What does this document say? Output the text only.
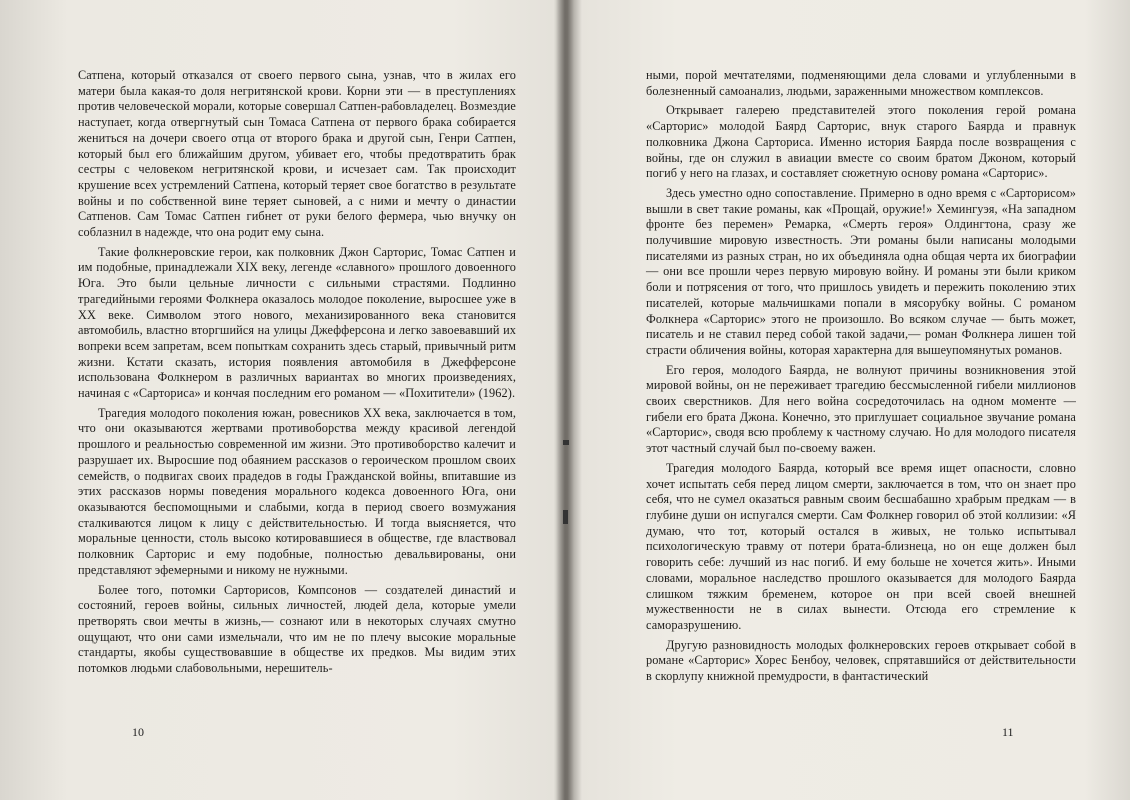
Сатпена, который отказался от своего первого сына, узнав, что в жилах его матери была какая-то доля негритянской крови. Корни эти — в преступлениях против человеческой морали, которые совершал Сатпен-рабовладелец. Возмездие наступает, когда отвергнутый сын Томаса Сатпена от первого брака собирается жениться на дочери своего отца от второго брака и другой сын, Генри Сатпен, который был его ближайшим другом, убивает его, чтобы предотвратить брак сестры с человеком негритянской крови, и исчезает сам. Так происходит крушение всех устремлений Сатпена, который теряет свое богатство в результате войны и по собственной вине теряет сыновей, а с ними и мечту о династии Сатпенов. Сам Томас Сатпен гибнет от руки белого фермера, чью внучку он соблазнил в надежде, что она родит ему сына.

Такие фолкнеровские герои, как полковник Джон Сарторис, Томас Сатпен и им подобные, принадлежали XIX веку, легенде «славного» прошлого довоенного Юга. Это были цельные личности с сильными страстями. Подлинно трагедийными героями Фолкнера оказалось молодое поколение, выросшее уже в XX веке. Символом этого нового, механизированного века становится автомобиль, властно вторгшийся на улицы Джефферсона и легко завоевавший их вопреки всем запретам, всем попыткам сохранить здесь старый, привычный ритм жизни. Кстати сказать, история появления автомобиля в Джефферсоне использована Фолкнером в различных вариантах во многих произведениях, начиная с «Сарториса» и кончая последним его романом — «Похитители» (1962).

Трагедия молодого поколения южан, ровесников XX века, заключается в том, что они оказываются жертвами противоборства между красивой легендой прошлого и реальностью современной им жизни. Это противоборство калечит и разрушает их. Выросшие под обаянием рассказов о героическом прошлом своих семейств, о подвигах своих прадедов в годы Гражданской войны, впитавшие из этих рассказов нормы поведения морального кодекса довоенного Юга, они оказываются беспомощными и слабыми, когда в период своего возмужания сталкиваются лицом к лицу с действительностью. И тогда выясняется, что моральные ценности, столь высоко котировавшиеся в обществе, где властвовал полковник Сарторис и ему подобные, полностью девальвированы, они представляют эфемерными и никому не нужными.

Более того, потомки Сарторисов, Компсонов — создателей династий и состояний, героев войны, сильных личностей, людей дела, которые умели претворять свои мечты в жизнь,— сознают или в некоторых случаях смутно ощущают, что они сами измельчали, что им не по плечу высокие моральные стандарты, якобы существовавшие в обществе их предков. Мы видим этих потомков людьми слабовольными, нерешитель-

10

ными, порой мечтателями, подменяющими дела словами и углубленными в болезненный самоанализ, людьми, зараженными множеством комплексов.

Открывает галерею представителей этого поколения герой романа «Сарторис» молодой Баярд Сарторис, внук старого Баярда и правнук полковника Джона Сарториса. Именно история Баярда после возвращения с войны, где он служил в авиации вместе со своим братом Джоном, который погиб у него на глазах, и составляет сюжетную основу романа «Сарторис».

Здесь уместно одно сопоставление. Примерно в одно время с «Сарторисом» вышли в свет такие романы, как «Прощай, оружие!» Хемингуэя, «На западном фронте без перемен» Ремарка, «Смерть героя» Олдингтона, сразу же получившие мировую известность. Эти романы были написаны молодыми писателями из разных стран, но их объединяла одна общая черта их биографии — они все прошли через первую мировую войну. И романы эти были криком боли и потрясения от того, что пришлось увидеть и пережить поколению этих писателей, которые мальчишками попали в мясорубку войны. С романом Фолкнера «Сарторис» этого не произошло. Во всяком случае — быть может, писатель и не ставил перед собой такой задачи,— роман Фолкнера лишен той страсти обличения войны, которая характерна для вышеупомянутых романов.

Его героя, молодого Баярда, не волнуют причины возникновения этой мировой войны, он не переживает трагедию бессмысленной гибели миллионов своих сверстников. Для него война сосредоточилась на одном моменте — гибели его брата Джона. Конечно, это приглушает социальное звучание романа «Сарторис», сводя всю проблему к частному случаю. Но для молодого писателя этот частный случай был по-своему важен.

Трагедия молодого Баярда, который все время ищет опасности, словно хочет испытать себя перед лицом смерти, заключается в том, что он знает про себя, что не сумел оказаться равным своим бесшабашно храбрым предкам — в глубине души он испугался смерти. Сам Фолкнер говорил об этой коллизии: «Я думаю, что тот, который остался в живых, не только испытывал психологическую травму от потери брата-близнеца, но он еще должен был говорить себе: лучший из нас погиб. И ему больше не хочется жить». Иными словами, моральное наследство прошлого оказывается для молодого Баярда слишком тяжким бременем, которое он при всей своей внешней мужественности не в силах вынести. Отсюда его стремление к саморазрушению.

Другую разновидность молодых фолкнеровских героев открывает собой в романе «Сарторис» Хорес Бенбоу, человек, спрятавшийся от действительности в скорлупу книжной премудрости, в фантастический

11
